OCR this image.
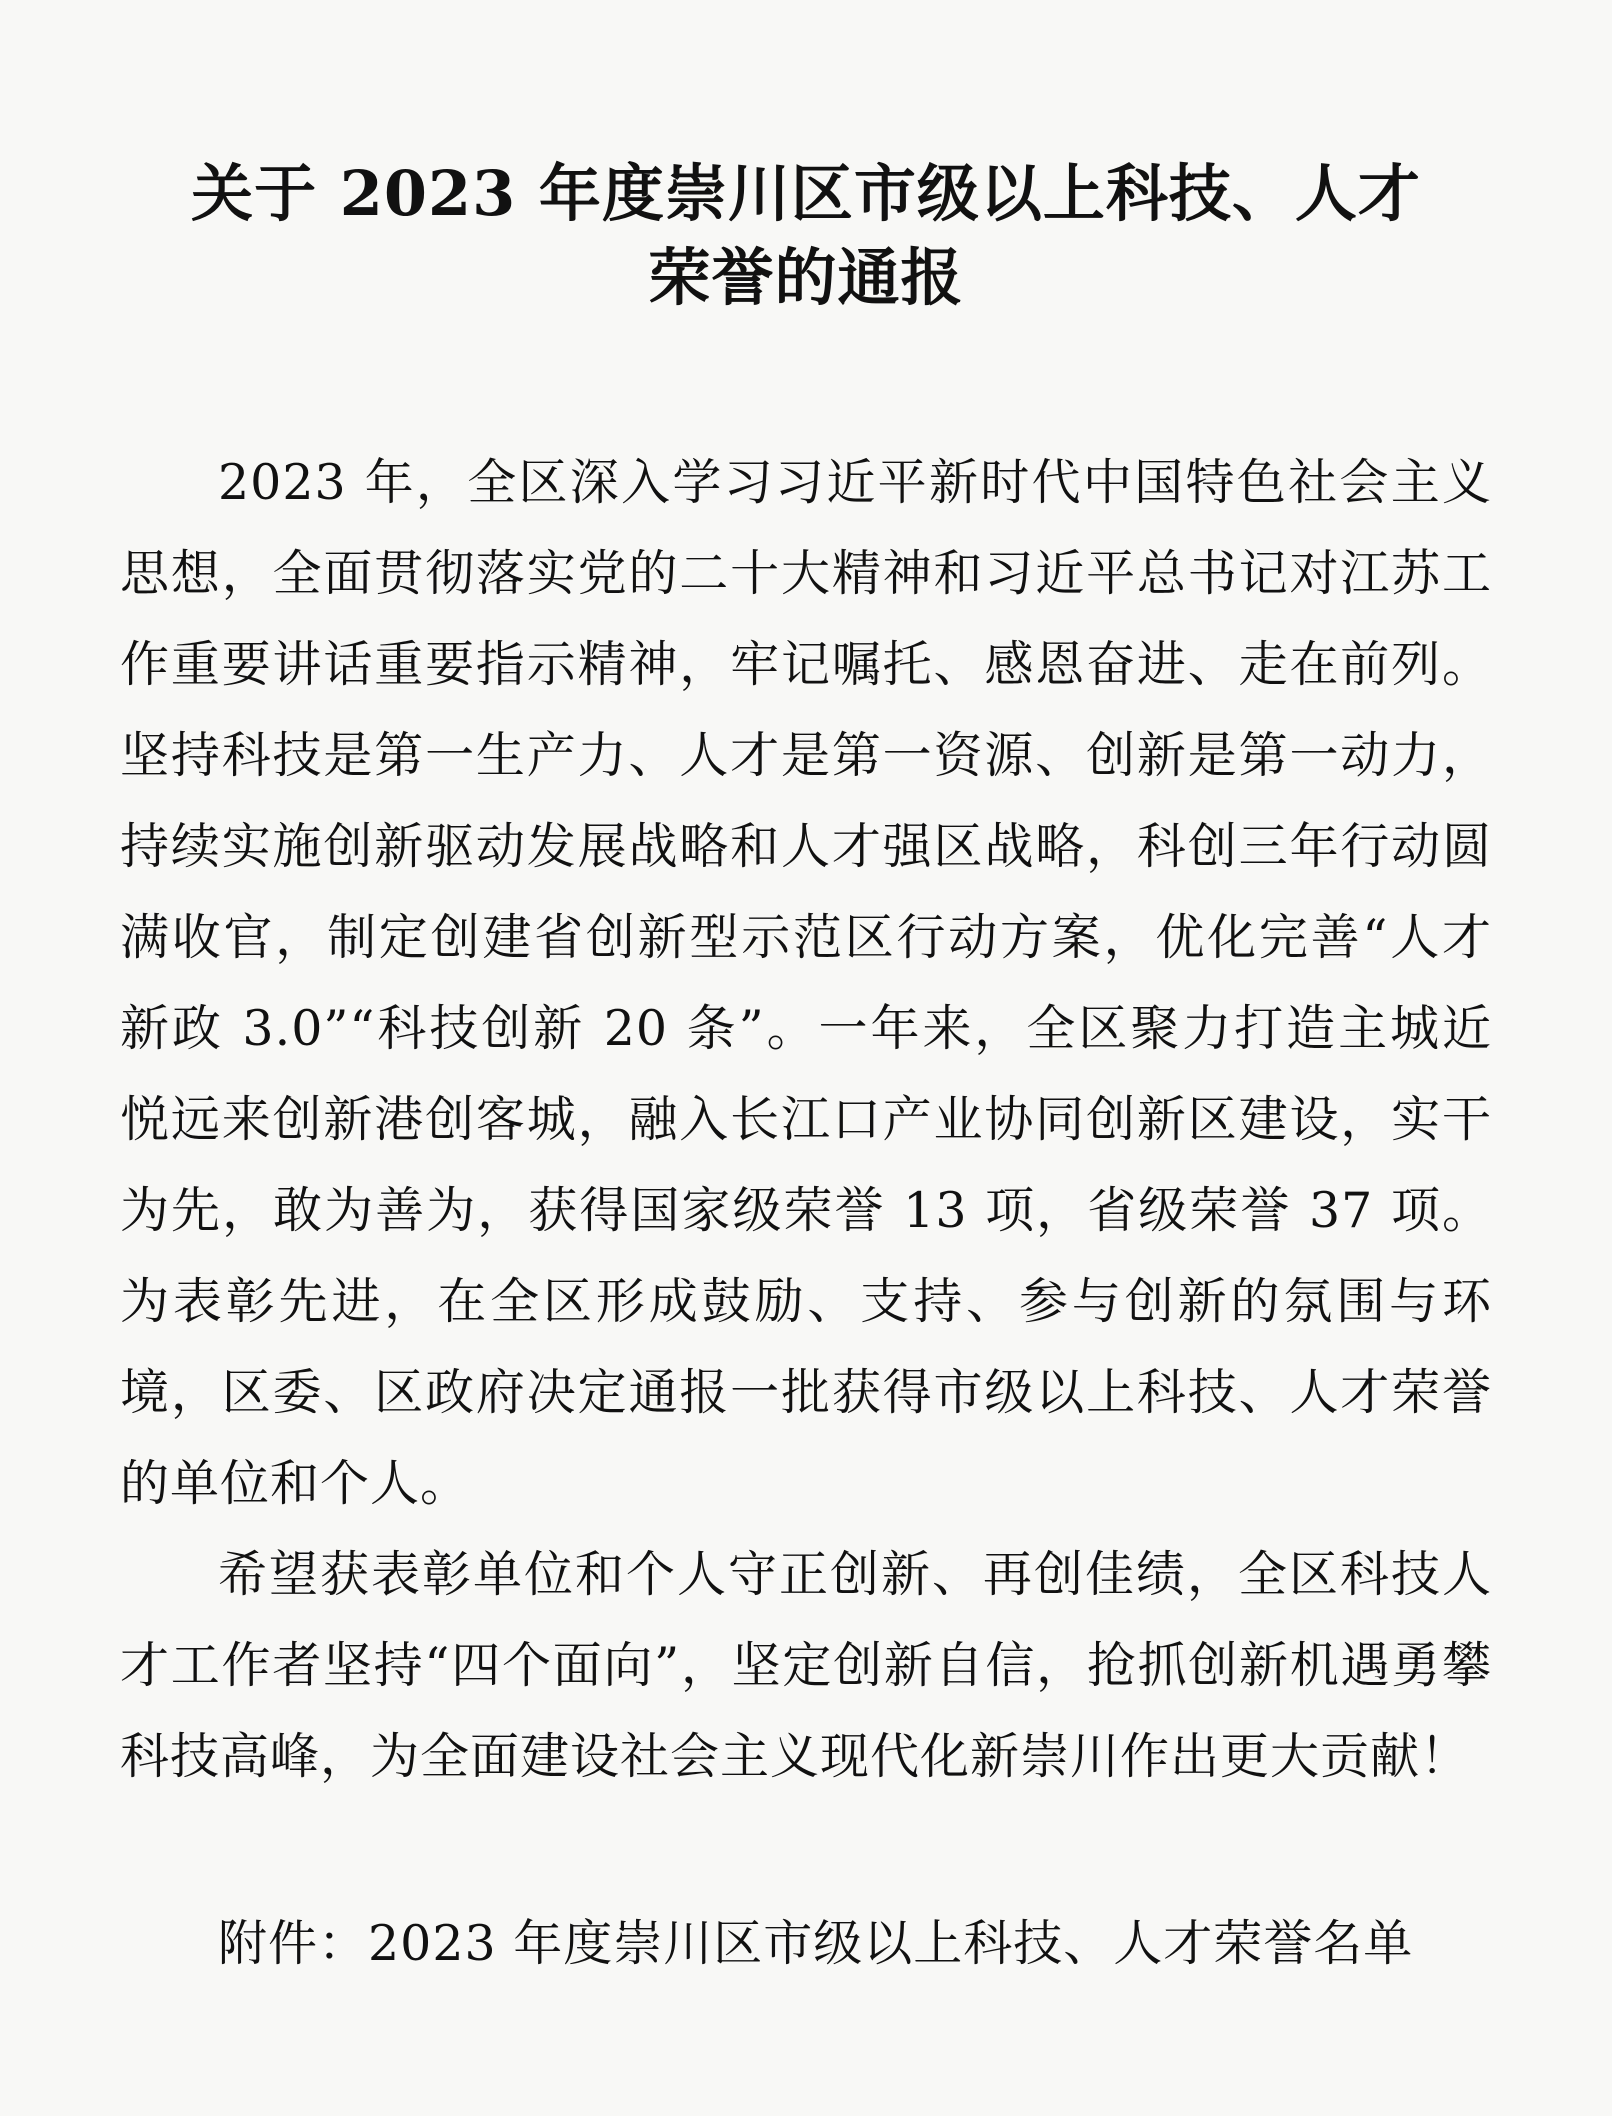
关于 2023 年度崇川区市级以上科技、人才

荣誉的通报

2023 年，全区深入学习习近平新时代中国特色社会主义思想，全面贯彻落实党的二十大精神和习近平总书记对江苏工作重要讲话重要指示精神，牢记嘱托、感恩奋进、走在前列。坚持科技是第一生产力、人才是第一资源、创新是第一动力，持续实施创新驱动发展战略和人才强区战略，科创三年行动圆满收官，制定创建省创新型示范区行动方案，优化完善“人才新政 3.0”“科技创新 20 条”。一年来，全区聚力打造主城近悦远来创新港创客城，融入长江口产业协同创新区建设，实干为先，敢为善为，获得国家级荣誉 13 项，省级荣誉 37 项。为表彰先进，在全区形成鼓励、支持、参与创新的氛围与环境，区委、区政府决定通报一批获得市级以上科技、人才荣誉的单位和个人。

希望获表彰单位和个人守正创新、再创佳绩，全区科技人才工作者坚持“四个面向”，坚定创新自信，抢抓创新机遇勇攀科技高峰，为全面建设社会主义现代化新崇川作出更大贡献！

附件：2023 年度崇川区市级以上科技、人才荣誉名单
